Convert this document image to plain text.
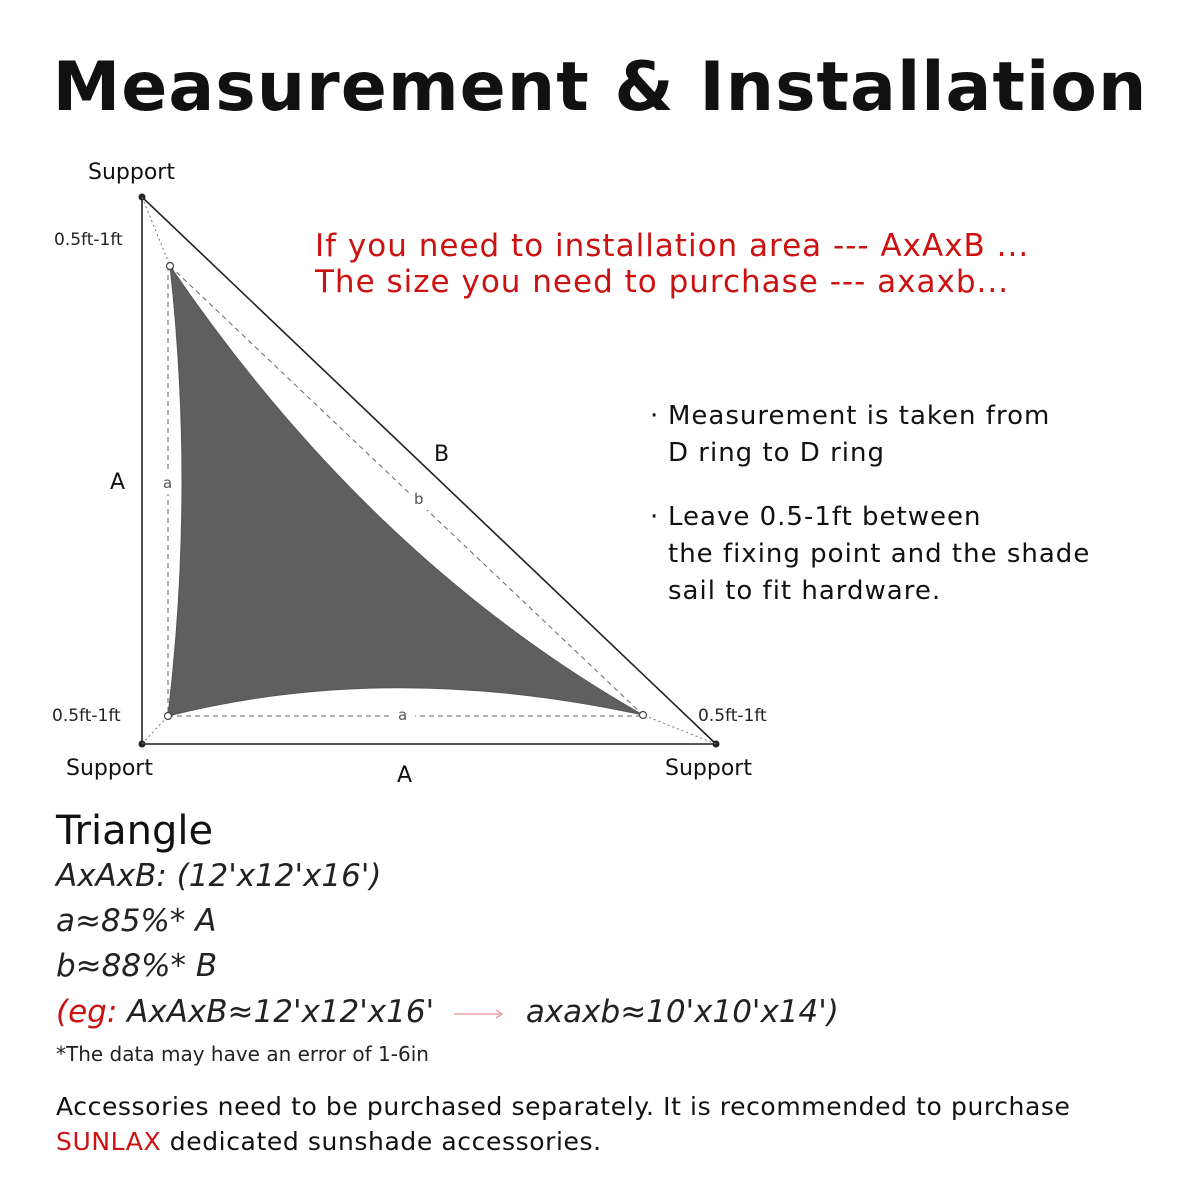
Measurement & Installation
Support
0.5ft-1ft
0.5ft-1ft	0.5ft-1ft
Support	Support
A
A
B
a
a
b
If you need to installation area --- AxAxB ...
The size you need to purchase --- axaxb...
· Measurement is taken from
D ring to D ring
· Leave 0.5-1ft between
the fixing point and the shade
sail to fit hardware.
Triangle
AxAxB: (12'x12'x16')
a≈85%* A
b≈88%* B
(eg: AxAxB≈12'x12'x16'	axaxb≈10'x10'x14')
*The data may have an error of 1-6in
Accessories need to be purchased separately. It is recommended to purchase
SUNLAX dedicated sunshade accessories.
